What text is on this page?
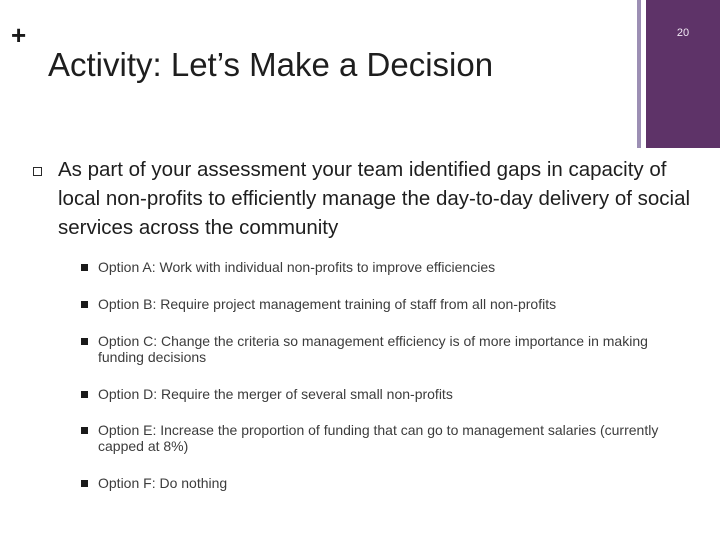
+
Activity: Let’s Make a Decision
20
As part of your assessment your team identified gaps in capacity of local non-profits to efficiently manage the day-to-day delivery of social services across the community
Option A: Work with individual non-profits to improve efficiencies
Option B: Require project management training of staff from all non-profits
Option C: Change the criteria so management efficiency is of more importance in making funding decisions
Option D: Require the merger of several small non-profits
Option E: Increase the proportion of funding that can go to management salaries (currently capped at 8%)
Option F: Do nothing
